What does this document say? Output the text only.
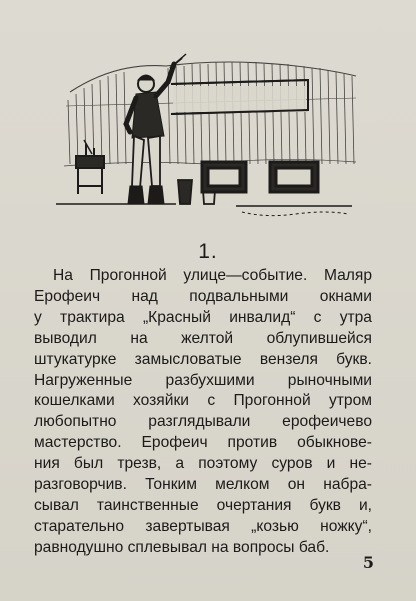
1.
На Прогонной улице—событие. Маляр
Ерофеич над подвальными окнами
у трактира „Красный инвалид“ с утра
выводил на желтой облупившейся
штукатурке замысловатые вензеля букв.
Нагруженные разбухшими рыночными
кошелками хозяйки с Прогонной утром
любопытно разглядывали ерофеичево
мастерство. Ерофеич против обыкнове-
ния был трезв, а поэтому суров и не-
разговорчив. Тонким мелком он набра-
сывал таинственные очертания букв и,
старательно завертывая „козью ножку“,
равнодушно сплевывал на вопросы баб.
5
